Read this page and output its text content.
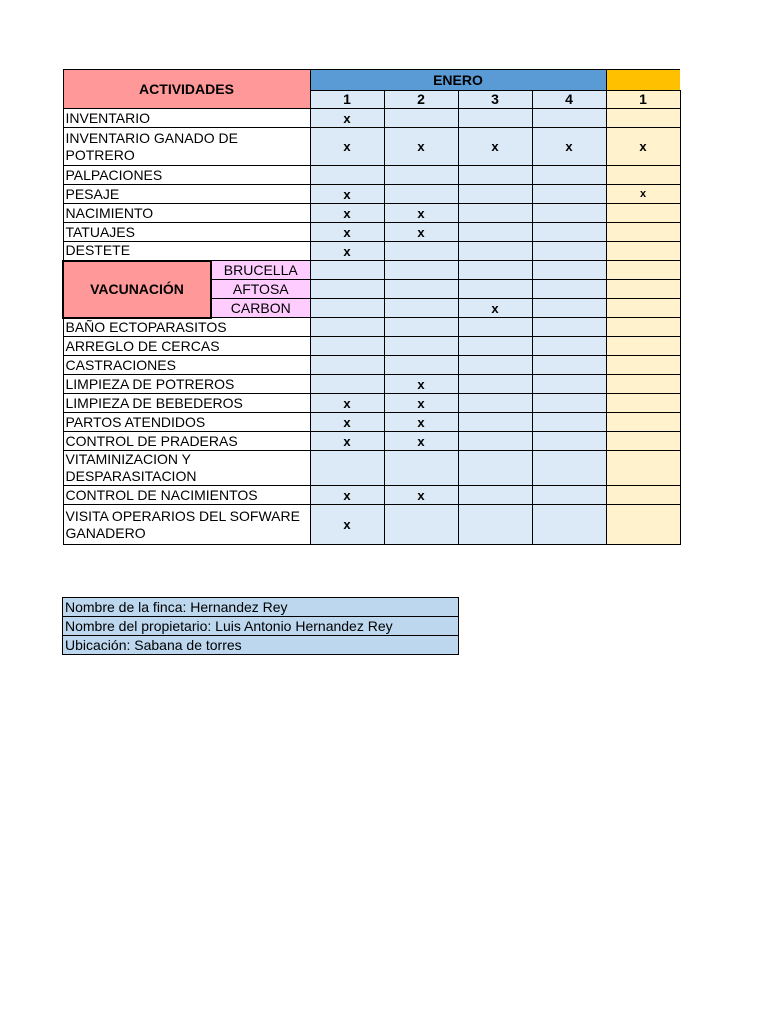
ACTIVIDADES		ENERO				
		1	2	3	4	1
INVENTARIO		x				
INVENTARIO GANADO DE POTRERO		x	x	x	x	x
PALPACIONES						
PESAJE		x				x
NACIMIENTO		x	x			
TATUAJES		x	x			
DESTETE		x				
VACUNACIÓN	BRUCELLA					
	AFTOSA					
	CARBON			x		
BAÑO ECTOPARASITOS						
ARREGLO DE CERCAS						
CASTRACIONES						
LIMPIEZA DE POTREROS			x			
LIMPIEZA DE BEBEDEROS		x	x			
PARTOS ATENDIDOS		x	x			
CONTROL DE PRADERAS		x	x			
VITAMINIZACION Y DESPARASITACION						
CONTROL DE NACIMIENTOS		x	x			
VISITA OPERARIOS DEL SOFWARE GANADERO		x				
Nombre de la finca: Hernandez Rey
Nombre del propietario: Luis Antonio Hernandez Rey
Ubicación: Sabana de torres
